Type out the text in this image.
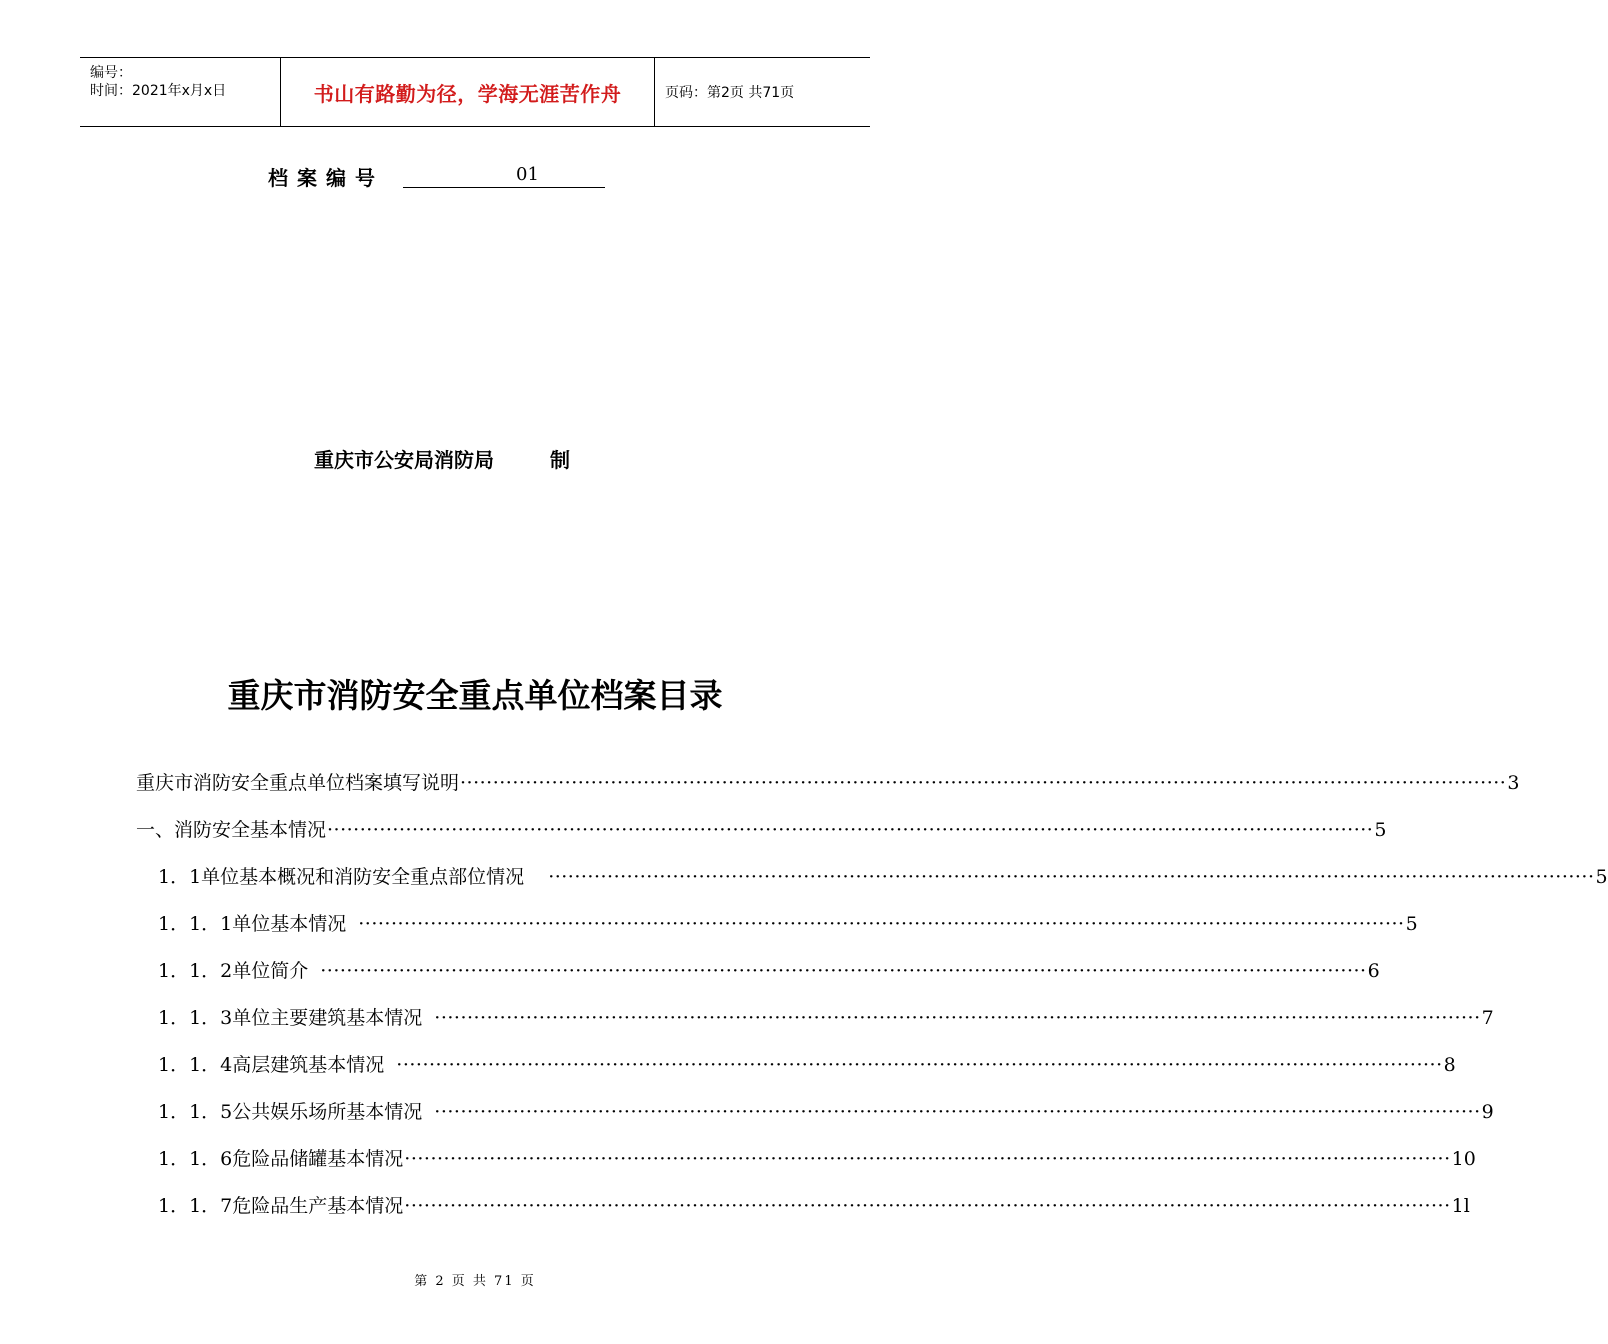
编号：
时间：2021年x月x日	书山有路勤为径，学海无涯苦作舟	页码：第2页 共71页
档案编号	01
重庆市公安局消防局	制
重庆市消防安全重点单位档案目录
重庆市消防安全重点单位档案填写说明 ································································································································································ 3
一、消防安全基本情况 ································································································································································ 5
1．1单位基本概况和消防安全重点部位情况 ································································································································································ 5
1．1．1单位基本情况 ································································································································································ 5
1．1．2单位简介 ································································································································································ 6
1．1．3单位主要建筑基本情况 ································································································································································ 7
1．1．4高层建筑基本情况 ································································································································································ 8
1．1．5公共娱乐场所基本情况 ································································································································································ 9
1．1．6危险品储罐基本情况 ································································································································································ 10
1．1．7危险品生产基本情况 ································································································································································ 1l
第 2 页 共 71 页
